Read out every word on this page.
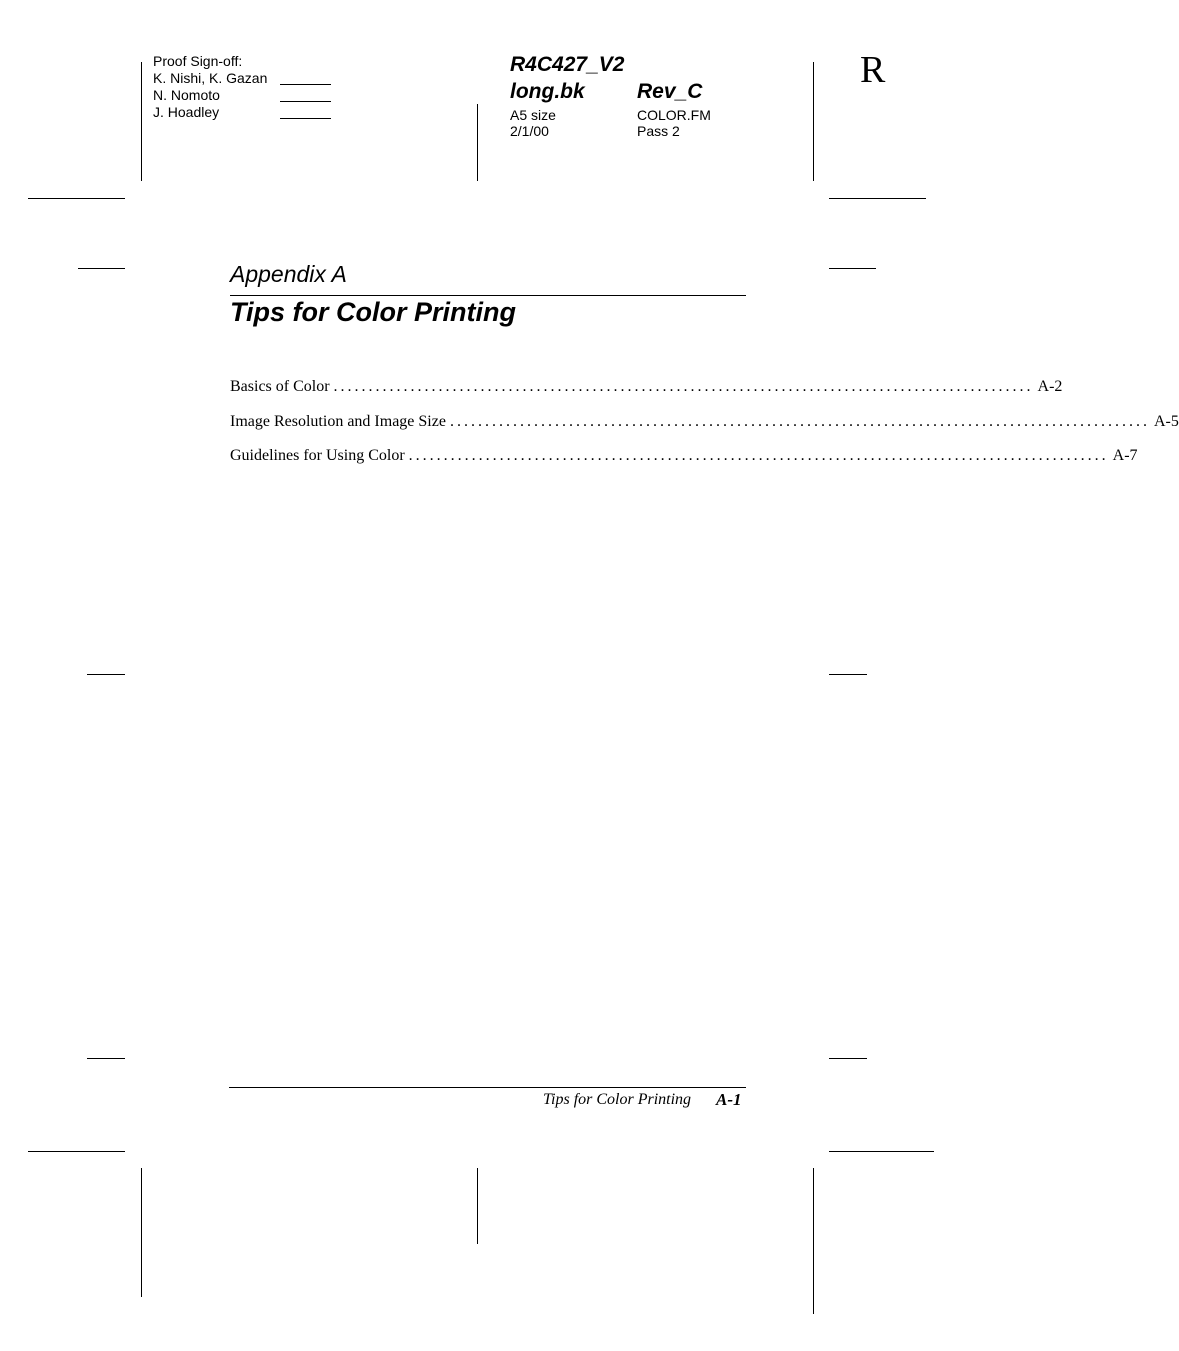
Proof Sign-off:
K. Nishi, K. Gazan
N. Nomoto
J. Hoadley
R4C427_V2
long.bk Rev_C
A5 size
2/1/00
COLOR.FM
Pass 2
R
Appendix A
Tips for Color Printing
Basics of Color .................................................................................................... A-2
Image Resolution and Image Size .................................................................................................... A-5
Guidelines for Using Color .................................................................................................... A-7
Tips for Color Printing A-1
